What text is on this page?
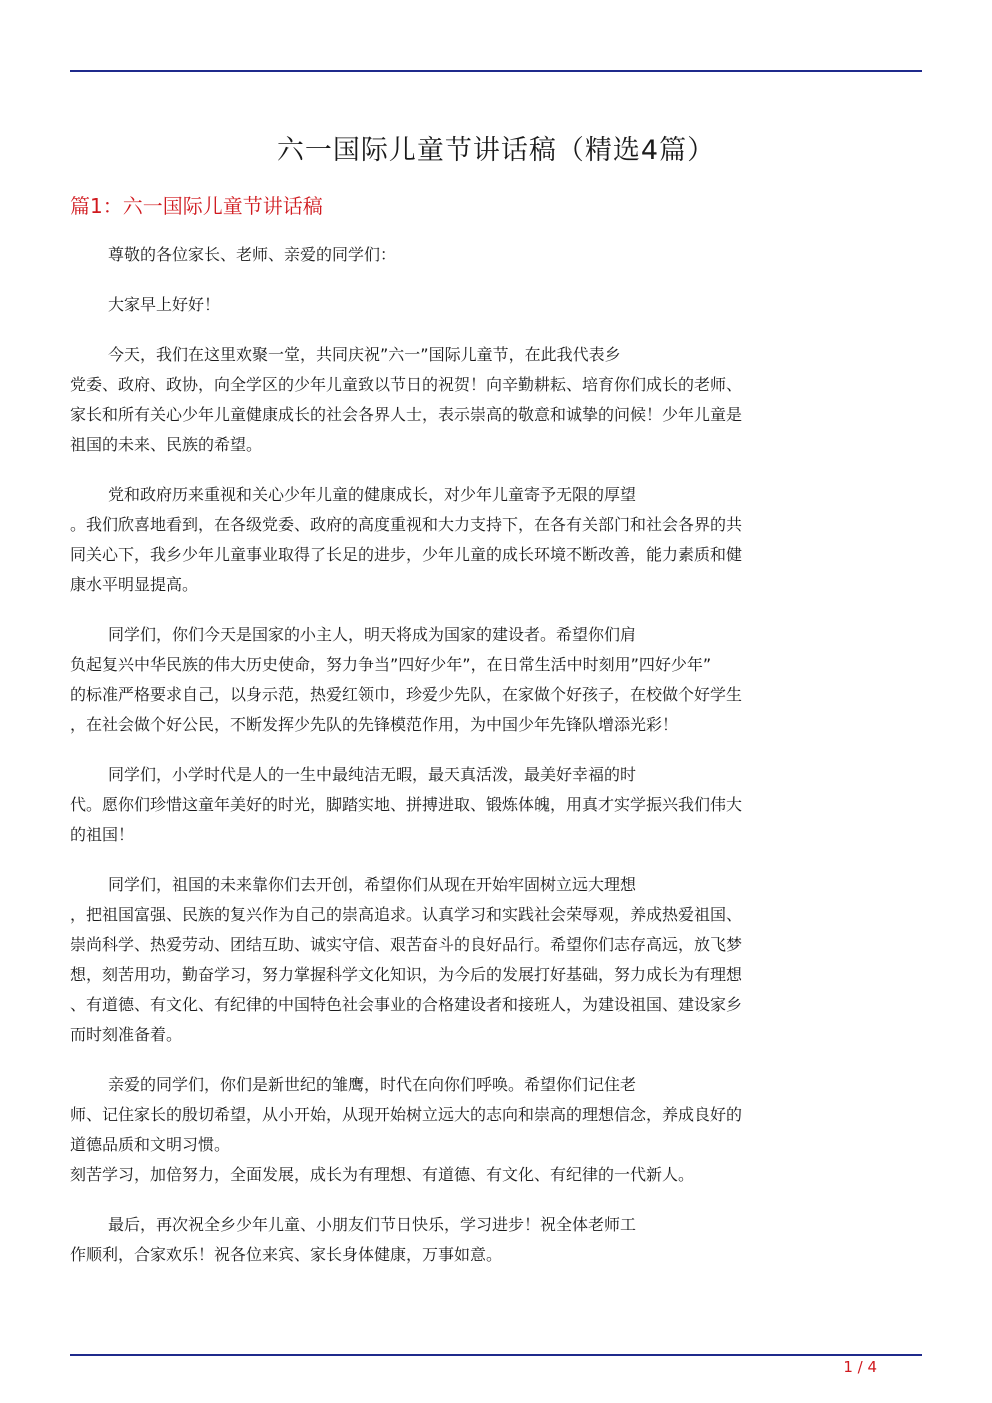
六一国际儿童节讲话稿（精选4篇）
篇1：六一国际儿童节讲话稿
尊敬的各位家长、老师、亲爱的同学们：
大家早上好好！
今天，我们在这里欢聚一堂，共同庆祝”六一”国际儿童节，在此我代表乡
党委、政府、政协，向全学区的少年儿童致以节日的祝贺！向辛勤耕耘、培育你们成长的老师、
家长和所有关心少年儿童健康成长的社会各界人士，表示崇高的敬意和诚挚的问候！少年儿童是
祖国的未来、民族的希望。
党和政府历来重视和关心少年儿童的健康成长，对少年儿童寄予无限的厚望
。我们欣喜地看到，在各级党委、政府的高度重视和大力支持下，在各有关部门和社会各界的共
同关心下，我乡少年儿童事业取得了长足的进步，少年儿童的成长环境不断改善，能力素质和健
康水平明显提高。
同学们，你们今天是国家的小主人，明天将成为国家的建设者。希望你们肩
负起复兴中华民族的伟大历史使命，努力争当”四好少年”，在日常生活中时刻用”四好少年”
的标准严格要求自己，以身示范，热爱红领巾，珍爱少先队，在家做个好孩子，在校做个好学生
，在社会做个好公民，不断发挥少先队的先锋模范作用，为中国少年先锋队增添光彩！
同学们，小学时代是人的一生中最纯洁无暇，最天真活泼，最美好幸福的时
代。愿你们珍惜这童年美好的时光，脚踏实地、拼搏进取、锻炼体魄，用真才实学振兴我们伟大
的祖国！
同学们，祖国的未来靠你们去开创，希望你们从现在开始牢固树立远大理想
，把祖国富强、民族的复兴作为自己的崇高追求。认真学习和实践社会荣辱观，养成热爱祖国、
崇尚科学、热爱劳动、团结互助、诚实守信、艰苦奋斗的良好品行。希望你们志存高远，放飞梦
想，刻苦用功，勤奋学习，努力掌握科学文化知识，为今后的发展打好基础，努力成长为有理想
、有道德、有文化、有纪律的中国特色社会事业的合格建设者和接班人，为建设祖国、建设家乡
而时刻准备着。
亲爱的同学们，你们是新世纪的雏鹰，时代在向你们呼唤。希望你们记住老
师、记住家长的殷切希望，从小开始，从现开始树立远大的志向和崇高的理想信念，养成良好的
道德品质和文明习惯。
刻苦学习，加倍努力，全面发展，成长为有理想、有道德、有文化、有纪律的一代新人。
最后，再次祝全乡少年儿童、小朋友们节日快乐，学习进步！祝全体老师工
作顺利，合家欢乐！祝各位来宾、家长身体健康，万事如意。
1 / 4
